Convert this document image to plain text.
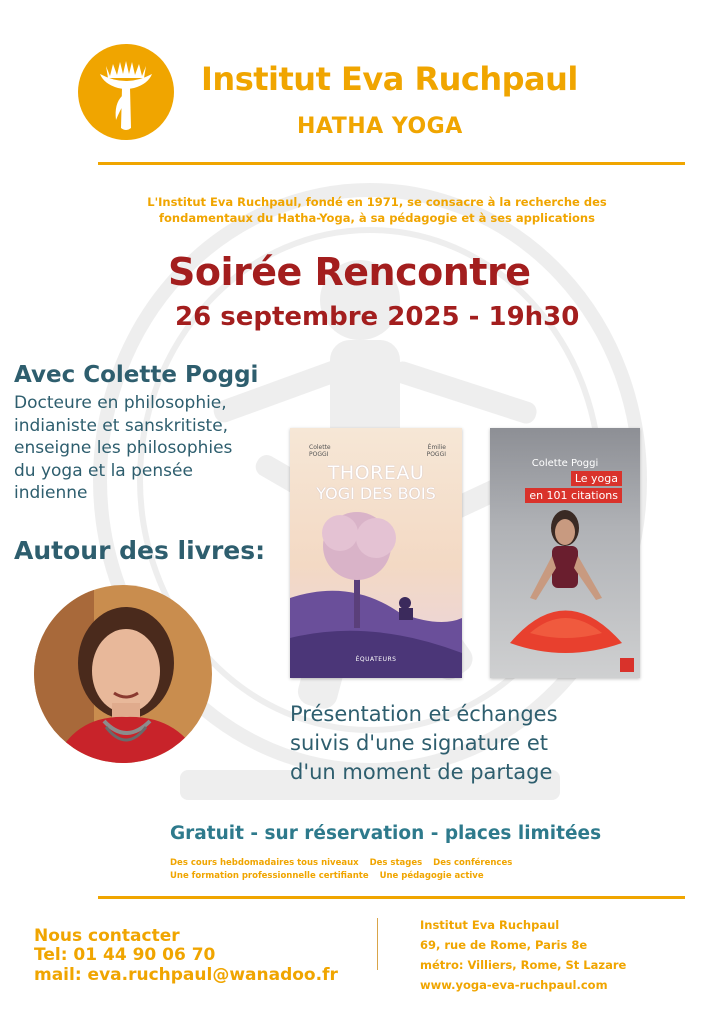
Institut Eva Ruchpaul
HATHA YOGA
L'Institut Eva Ruchpaul, fondé en 1971, se consacre à la recherche des
fondamentaux du Hatha-Yoga, à sa pédagogie et à ses applications
Soirée Rencontre
26 septembre 2025 - 19h30
Avec Colette Poggi
Docteure en philosophie,
indianiste et sanskritiste,
enseigne les philosophies
du yoga et la pensée
indienne
Autour des livres:
Colette
POGGI
Émilie
POGGI
THOREAU
YOGI DES BOIS
ÉQUATEURS
Colette Poggi
Le yoga
en 101 citations
Présentation et échanges
suivis d'une signature et
d'un moment de partage
Gratuit - sur réservation - places limitées
Des cours hebdomadaires tous niveaux Des stages Des conférences
Une formation professionnelle certifiante Une pédagogie active
Nous contacter
Tel: 01 44 90 06 70
mail: eva.ruchpaul@wanadoo.fr
Institut Eva Ruchpaul
69, rue de Rome, Paris 8e
métro: Villiers, Rome, St Lazare
www.yoga-eva-ruchpaul.com
